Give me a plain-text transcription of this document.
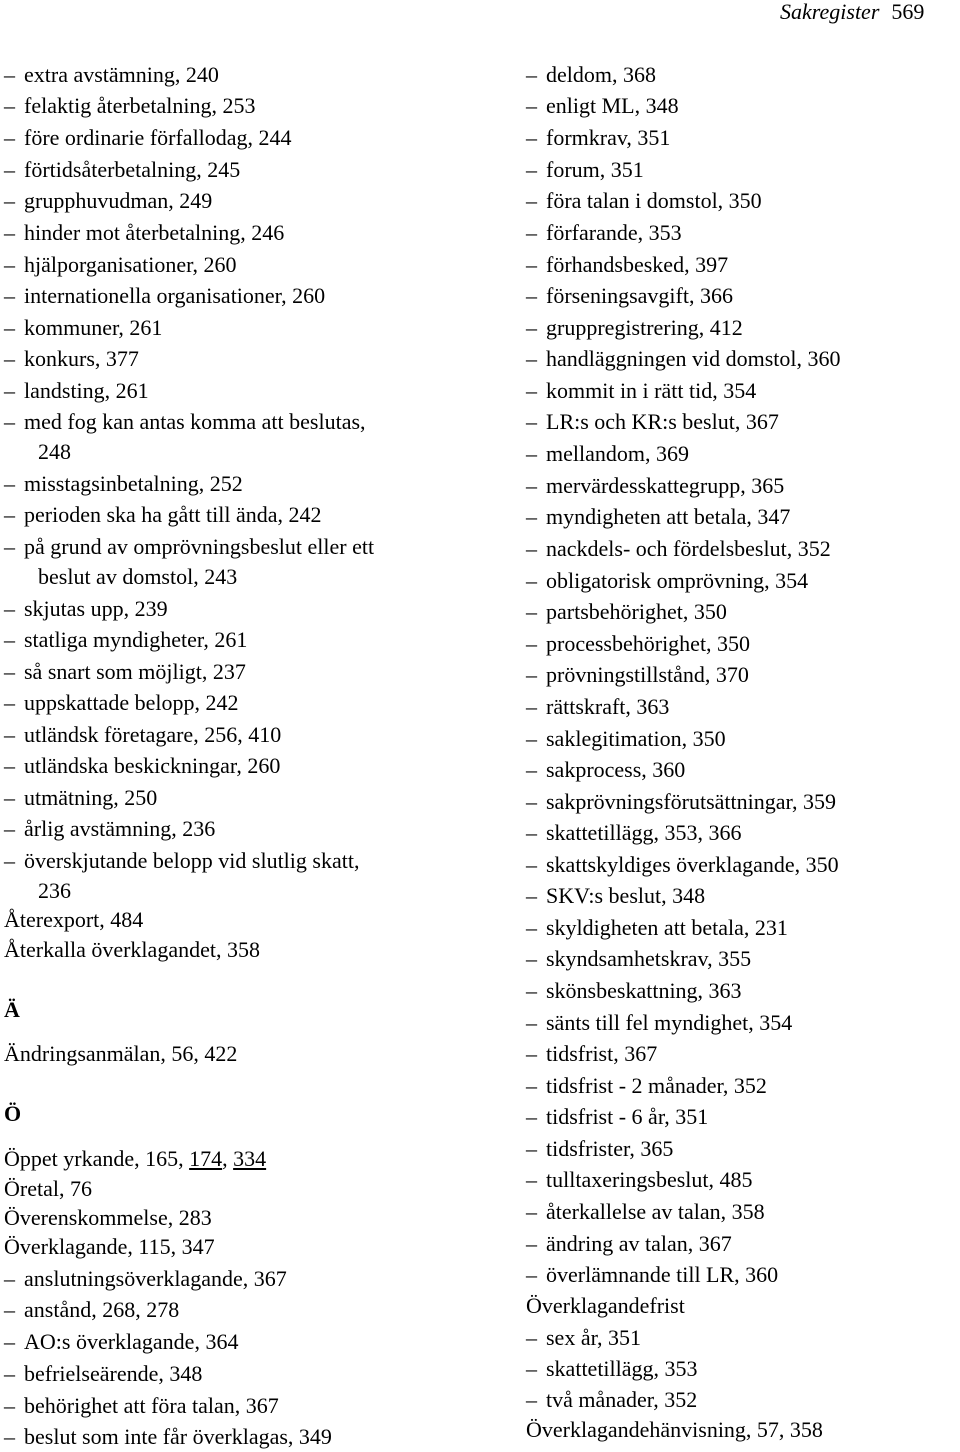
Sakregister 569
– extra avstämning, 240
– felaktig återbetalning, 253
– före ordinarie förfallodag, 244
– förtidsåterbetalning, 245
– grupphuvudman, 249
– hinder mot återbetalning, 246
– hjälporganisationer, 260
– internationella organisationer, 260
– kommuner, 261
– konkurs, 377
– landsting, 261
– med fog kan antas komma att beslutas,
248
– misstagsinbetalning, 252
– perioden ska ha gått till ända, 242
– på grund av omprövningsbeslut eller ett
beslut av domstol, 243
– skjutas upp, 239
– statliga myndigheter, 261
– så snart som möjligt, 237
– uppskattade belopp, 242
– utländsk företagare, 256, 410
– utländska beskickningar, 260
– utmätning, 250
– årlig avstämning, 236
– överskjutande belopp vid slutlig skatt,
236
Återexport, 484
Återkalla överklagandet, 358
Ä
Ändringsanmälan, 56, 422
Ö
Öppet yrkande, 165, 174, 334
Öretal, 76
Överenskommelse, 283
Överklagande, 115, 347
– anslutningsöverklagande, 367
– anstånd, 268, 278
– AO:s överklagande, 364
– befrielseärende, 348
– behörighet att föra talan, 367
– beslut som inte får överklagas, 349
– deldom, 368
– enligt ML, 348
– formkrav, 351
– forum, 351
– föra talan i domstol, 350
– förfarande, 353
– förhandsbesked, 397
– förseningsavgift, 366
– gruppregistrering, 412
– handläggningen vid domstol, 360
– kommit in i rätt tid, 354
– LR:s och KR:s beslut, 367
– mellandom, 369
– mervärdesskattegrupp, 365
– myndigheten att betala, 347
– nackdels- och fördelsbeslut, 352
– obligatorisk omprövning, 354
– partsbehörighet, 350
– processbehörighet, 350
– prövningstillstånd, 370
– rättskraft, 363
– saklegitimation, 350
– sakprocess, 360
– sakprövningsförutsättningar, 359
– skattetillägg, 353, 366
– skattskyldiges överklagande, 350
– SKV:s beslut, 348
– skyldigheten att betala, 231
– skyndsamhetskrav, 355
– skönsbeskattning, 363
– sänts till fel myndighet, 354
– tidsfrist, 367
– tidsfrist - 2 månader, 352
– tidsfrist - 6 år, 351
– tidsfrister, 365
– tulltaxeringsbeslut, 485
– återkallelse av talan, 358
– ändring av talan, 367
– överlämnande till LR, 360
Överklagandefrist
– sex år, 351
– skattetillägg, 353
– två månader, 352
Överklagandehänvisning, 57, 358
